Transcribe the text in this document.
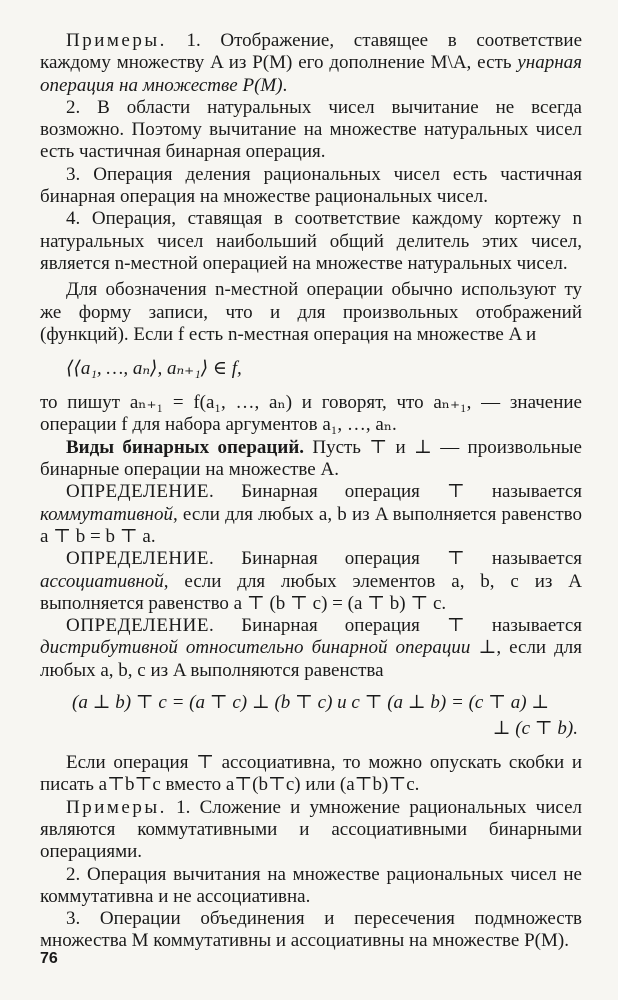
Примеры. 1. Отображение, ставящее в соответствие каждому множеству A из P(M) его дополнение M\A, есть унарная операция на множестве P(M).

2. В области натуральных чисел вычитание не всегда возможно. Поэтому вычитание на множестве натуральных чисел есть частичная бинарная операция.

3. Операция деления рациональных чисел есть частичная бинарная операция на множестве рациональных чисел.

4. Операция, ставящая в соответствие каждому кортежу n натуральных чисел наибольший общий делитель этих чисел, является n-местной операцией на множестве натуральных чисел.

Для обозначения n-местной операции обычно используют ту же форму записи, что и для произвольных отображений (функций). Если f есть n-местная операция на множестве A и

⟨⟨a₁, …, aₙ⟩, aₙ₊₁⟩ ∈ f,

то пишут aₙ₊₁ = f(a₁, …, aₙ) и говорят, что aₙ₊₁, — значение операции f для набора аргументов a₁, …, aₙ.

Виды бинарных операций. Пусть ⊤ и ⊥ — произвольные бинарные операции на множестве A.

ОПРЕДЕЛЕНИЕ. Бинарная операция ⊤ называется коммутативной, если для любых a, b из A выполняется равенство a ⊤ b = b ⊤ a.

ОПРЕДЕЛЕНИЕ. Бинарная операция ⊤ называется ассоциативной, если для любых элементов a, b, c из A выполняется равенство a ⊤ (b ⊤ c) = (a ⊤ b) ⊤ c.

ОПРЕДЕЛЕНИЕ. Бинарная операция ⊤ называется дистрибутивной относительно бинарной операции ⊥, если для любых a, b, c из A выполняются равенства

(a ⊥ b) ⊤ c = (a ⊤ c) ⊥ (b ⊤ c) и c ⊤ (a ⊥ b) = (c ⊤ a) ⊥
⊥ (c ⊤ b).

Если операция ⊤ ассоциативна, то можно опускать скобки и писать a⊤b⊤c вместо a⊤(b⊤c) или (a⊤b)⊤c.

Примеры. 1. Сложение и умножение рациональных чисел являются коммутативными и ассоциативными бинарными операциями.

2. Операция вычитания на множестве рациональных чисел не коммутативна и не ассоциативна.

3. Операции объединения и пересечения подмножеств множества M коммутативны и ассоциативны на множестве P(M).

76
